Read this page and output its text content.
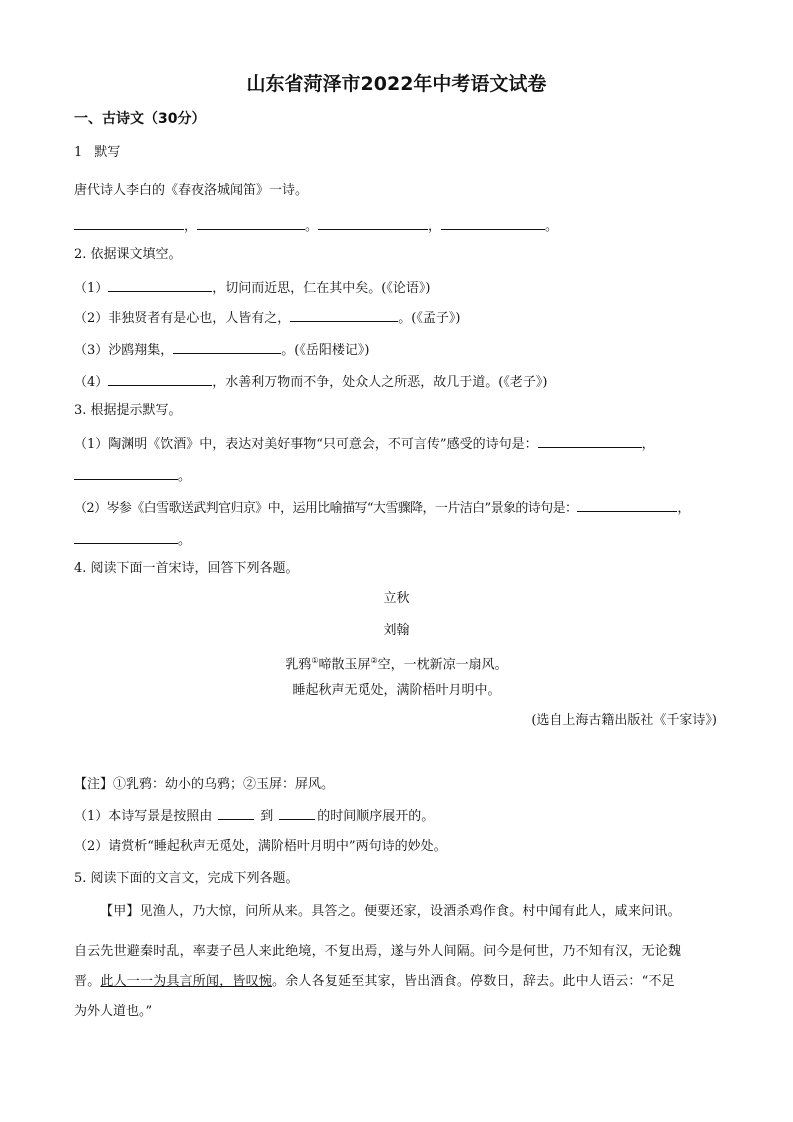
山东省菏泽市2022年中考语文试卷
一、古诗文（30分）
1 默写
唐代诗人李白的《春夜洛城闻笛》一诗。
，	。	，	。
2. 依据课文填空。
（1）	，切问而近思，仁在其中矣。(《论语》)
（2）非独贤者有是心也，人皆有之，	。(《孟子》)
（3）沙鸥翔集，	。(《岳阳楼记》)
（4）	，水善利万物而不争，处众人之所恶，故几于道。(《老子》)
3. 根据提示默写。
（1）陶渊明《饮酒》中，表达对美好事物“只可意会，不可言传”感受的诗句是：	，
。
（2）岑参《白雪歌送武判官归京》中，运用比喻描写“大雪骤降，一片洁白”景象的诗句是：	，
。
4. 阅读下面一首宋诗，回答下列各题。
立秋
刘翰
乳鸦①啼散玉屏②空，一枕新凉一扇风。
睡起秋声无觅处，满阶梧叶月明中。
(选自上海古籍出版社《千家诗》)
【注】①乳鸦：幼小的乌鸦；②玉屏：屏风。
（1）本诗写景是按照由	到	的时间顺序展开的。
（2）请赏析“睡起秋声无觅处，满阶梧叶月明中”两句诗的妙处。
5. 阅读下面的文言文，完成下列各题。
【甲】见渔人，乃大惊，问所从来。具答之。便要还家，设酒杀鸡作食。村中闻有此人，咸来问讯。
自云先世避秦时乱，率妻子邑人来此绝境，不复出焉，遂与外人间隔。问今是何世，乃不知有汉，无论魏
晋。此人一一为具言所闻，皆叹惋。余人各复延至其家，皆出酒食。停数日，辞去。此中人语云：“不足
为外人道也。”
